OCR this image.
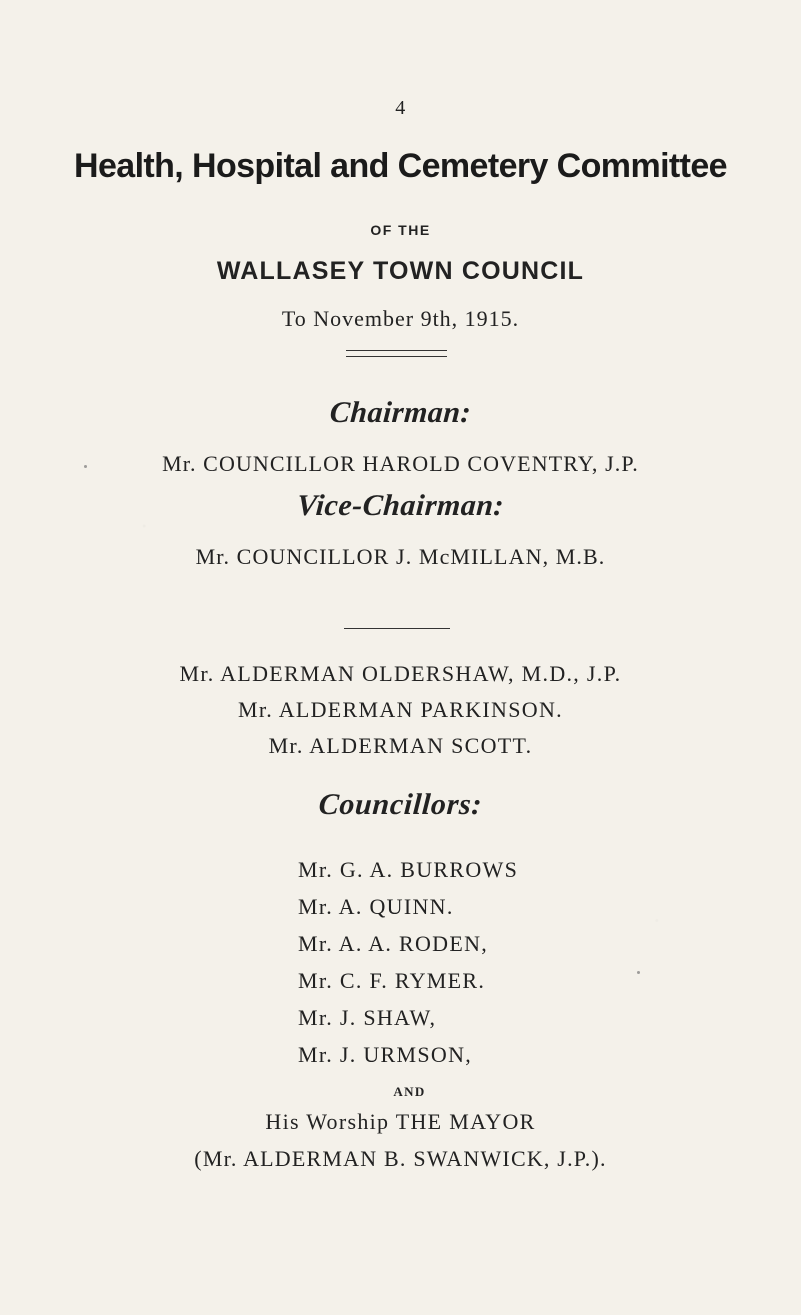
4
Health, Hospital and Cemetery Committee
OF THE
WALLASEY TOWN COUNCIL
To November 9th, 1915.
Chairman:
Mr. COUNCILLOR HAROLD COVENTRY, J.P.
Vice-Chairman:
Mr. COUNCILLOR J. McMILLAN, M.B.
Mr. ALDERMAN OLDERSHAW, M.D., J.P.
Mr. ALDERMAN PARKINSON.
Mr. ALDERMAN SCOTT.
Councillors:
Mr. G. A. BURROWS
Mr. A. QUINN.
Mr. A. A. RODEN,
Mr. C. F. RYMER.
Mr. J. SHAW,
Mr. J. URMSON,
AND
His Worship THE MAYOR
(Mr. ALDERMAN B. SWANWICK, J.P.).
